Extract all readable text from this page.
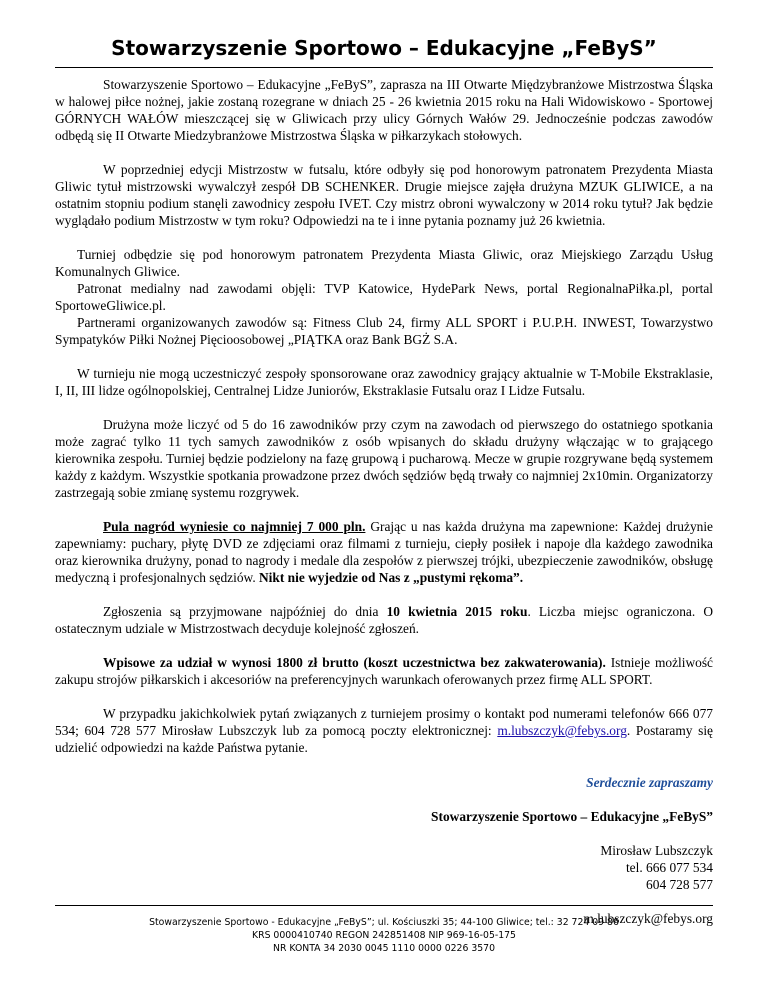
Stowarzyszenie Sportowo – Edukacyjne „FeByS”

Stowarzyszenie Sportowo – Edukacyjne „FeByS”, zaprasza na III Otwarte Międzybranżowe Mistrzostwa Śląska w halowej piłce nożnej, jakie zostaną rozegrane w dniach 25 - 26 kwietnia 2015 roku na Hali Widowiskowo - Sportowej GÓRNYCH WAŁÓW mieszczącej się w Gliwicach przy ulicy Górnych Wałów 29. Jednocześnie podczas zawodów odbędą się II Otwarte Miedzybranżowe Mistrzostwa Śląska w piłkarzykach stołowych.

W poprzedniej edycji Mistrzostw w futsalu, które odbyły się pod honorowym patronatem Prezydenta Miasta Gliwic tytuł mistrzowski wywalczył zespół DB SCHENKER. Drugie miejsce zajęła drużyna MZUK GLIWICE, a na ostatnim stopniu podium stanęli zawodnicy zespołu IVET. Czy mistrz obroni wywalczony w 2014 roku tytuł? Jak będzie wyglądało podium Mistrzostw w tym roku? Odpowiedzi na te i inne pytania poznamy już 26 kwietnia.

Turniej odbędzie się pod honorowym patronatem Prezydenta Miasta Gliwic, oraz Miejskiego Zarządu Usług Komunalnych Gliwice.

Patronat medialny nad zawodami objęli: TVP Katowice, HydePark News, portal RegionalnaPiłka.pl, portal SportoweGliwice.pl.

Partnerami organizowanych zawodów są: Fitness Club 24, firmy ALL SPORT i P.U.P.H. INWEST, Towarzystwo Sympatyków Piłki Nożnej Pięcioosobowej „PIĄTKA oraz Bank BGŻ S.A.

W turnieju nie mogą uczestniczyć zespoły sponsorowane oraz zawodnicy grający aktualnie w T-Mobile Ekstraklasie, I, II, III lidze ogólnopolskiej, Centralnej Lidze Juniorów, Ekstraklasie Futsalu oraz I Lidze Futsalu.

Drużyna może liczyć od 5 do 16 zawodników przy czym na zawodach od pierwszego do ostatniego spotkania może zagrać tylko 11 tych samych zawodników z osób wpisanych do składu drużyny włączając w to grającego kierownika zespołu. Turniej będzie podzielony na fazę grupową i pucharową. Mecze w grupie rozgrywane będą systemem każdy z każdym. Wszystkie spotkania prowadzone przez dwóch sędziów będą trwały co najmniej 2x10min. Organizatorzy zastrzegają sobie zmianę systemu rozgrywek.

Pula nagród wyniesie co najmniej 7 000 pln. Grając u nas każda drużyna ma zapewnione: Każdej drużynie zapewniamy: puchary, płytę DVD ze zdjęciami oraz filmami z turnieju, ciepły posiłek i napoje dla każdego zawodnika oraz kierownika drużyny, ponad to nagrody i medale dla zespołów z pierwszej trójki, ubezpieczenie zawodników, obsługę medyczną i profesjonalnych sędziów. Nikt nie wyjedzie od Nas z „pustymi rękoma”.

Zgłoszenia są przyjmowane najpóźniej do dnia 10 kwietnia 2015 roku. Liczba miejsc ograniczona. O ostatecznym udziale w Mistrzostwach decyduje kolejność zgłoszeń.

Wpisowe za udział w wynosi 1800 zł brutto (koszt uczestnictwa bez zakwaterowania). Istnieje możliwość zakupu strojów piłkarskich i akcesoriów na preferencyjnych warunkach oferowanych przez firmę ALL SPORT.

W przypadku jakichkolwiek pytań związanych z turniejem prosimy o kontakt pod numerami telefonów 666 077 534; 604 728 577 Mirosław Lubszczyk lub za pomocą poczty elektronicznej: m.lubszczyk@febys.org. Postaramy się udzielić odpowiedzi na każde Państwa pytanie.

Serdecznie zapraszamy

Stowarzyszenie Sportowo – Edukacyjne „FeByS”

Mirosław Lubszczyk

tel. 666 077 534

604 728 577

m.lubszczyk@febys.org

Stowarzyszenie Sportowo - Edukacyjne „FeByS”; ul. Kościuszki 35; 44-100 Gliwice; tel.: 32 724 09 86
KRS 0000410740 REGON 242851408 NIP 969-16-05-175
NR KONTA 34 2030 0045 1110 0000 0226 3570
